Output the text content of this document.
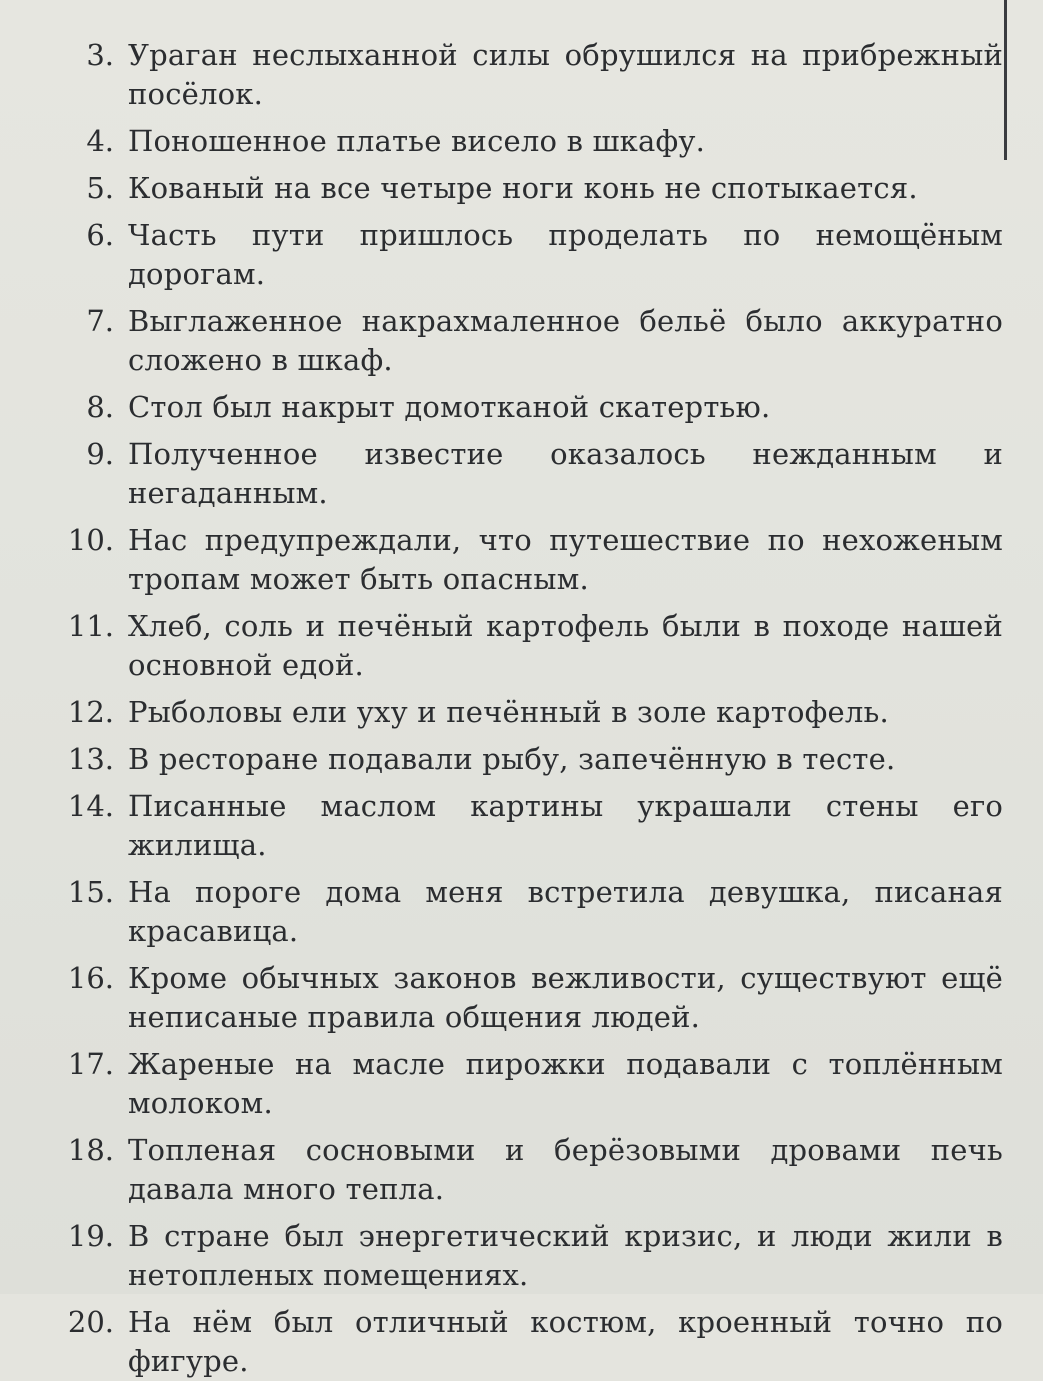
3. Ураган неслыханной силы обрушился на прибрежный посёлок.
4. Поношенное платье висело в шкафу.
5. Кованый на все четыре ноги конь не спотыкается.
6. Часть пути пришлось проделать по немощёным дорогам.
7. Выглаженное накрахмаленное бельё было аккуратно сложено в шкаф.
8. Стол был накрыт домотканой скатертью.
9. Полученное известие оказалось нежданным и негаданным.
10. Нас предупреждали, что путешествие по нехоженым тропам может быть опасным.
11. Хлеб, соль и печёный картофель были в походе нашей основной едой.
12. Рыболовы ели уху и печённый в золе картофель.
13. В ресторане подавали рыбу, запечённую в тесте.
14. Писанные маслом картины украшали стены его жилища.
15. На пороге дома меня встретила девушка, писаная красавица.
16. Кроме обычных законов вежливости, существуют ещё неписаные правила общения людей.
17. Жареные на масле пирожки подавали с топлённым молоком.
18. Топленая сосновыми и берёзовыми дровами печь давала много тепла.
19. В стране был энергетический кризис, и люди жили в нетопленых помещениях.
20. На нём был отличный костюм, кроенный точно по фигуре.
